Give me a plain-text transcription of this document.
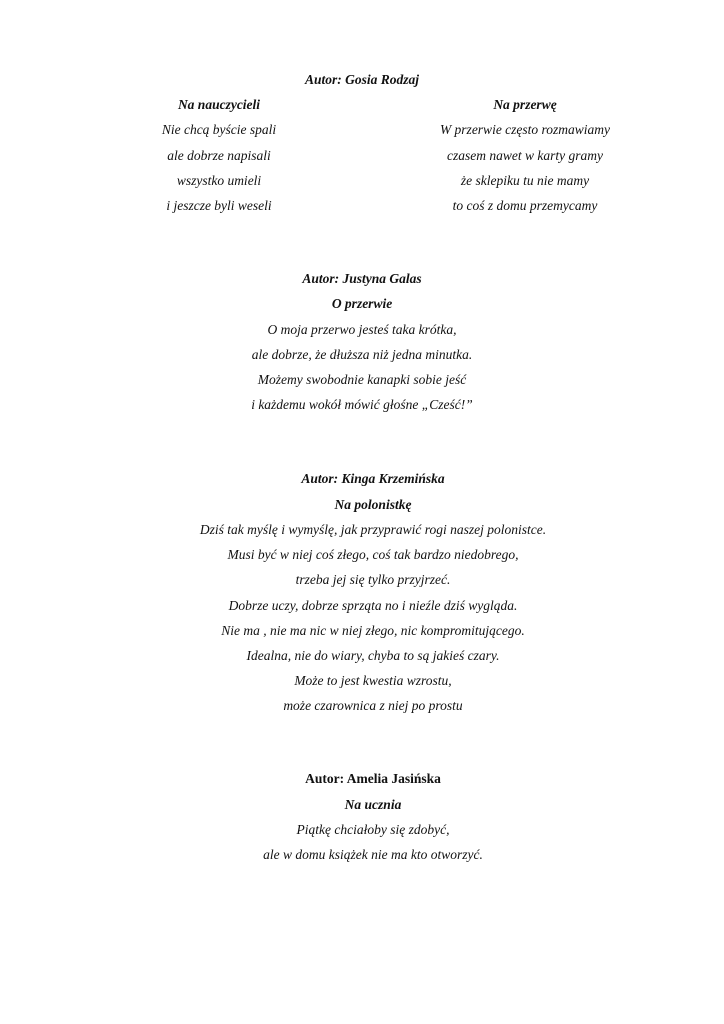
Autor: Gosia Rodzaj
Na nauczycieli
Nie chcą byście spali
ale dobrze napisali
wszystko umieli
i jeszcze byli weseli
Na przerwę
W przerwie często rozmawiamy
czasem nawet w karty gramy
że sklepiku tu nie mamy
to coś z domu przemycamy
Autor: Justyna Galas
O przerwie
O moja przerwo jesteś taka krótka,
ale dobrze, że dłuższa niż jedna minutka.
Możemy swobodnie kanapki sobie jeść
i każdemu wokół mówić głośne „Cześć!”
Autor: Kinga Krzemińska
Na polonistkę
Dziś tak myślę i wymyślę, jak przyprawić rogi naszej polonistce.
Musi być w niej coś złego, coś tak bardzo niedobrego,
trzeba jej się tylko przyjrzeć.
Dobrze uczy, dobrze sprząta no i nieźle dziś wygląda.
Nie ma , nie ma nic w niej złego, nic kompromitującego.
Idealna, nie do wiary, chyba to są jakieś czary.
Może to jest kwestia wzrostu,
może czarownica z niej po prostu
Autor: Amelia Jasińska
Na ucznia
Piątkę chciałoby się zdobyć,
ale w domu książek nie ma kto otworzyć.
